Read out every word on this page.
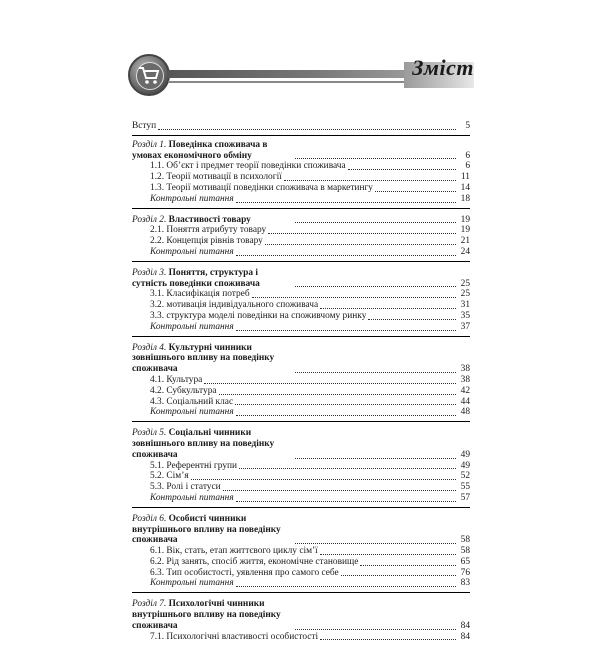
Зміст
Вступ	5
Розділ 1. Поведінка споживача в умовах економічного обміну	6
1.1. Об’єкт і предмет теорії поведінки споживача	6
1.2. Теорії мотивації в психології	11
1.3. Теорії мотивації поведінки споживача в маркетингу	14
Контрольні питання	18
Розділ 2. Властивості товару	19
2.1. Поняття атрибуту товару	19
2.2. Концепція рівнів товару	21
Контрольні питання	24
Розділ 3. Поняття, структура і сутність поведінки споживача	25
3.1. Класифікація потреб	25
3.2. мотивація індивідуального споживача	31
3.3. структура моделі поведінки на споживчому ринку	35
Контрольні питання	37
Розділ 4. Культурні чинники зовнішнього впливу на поведінку споживача	38
4.1. Культура	38
4.2. Субкультура	42
4.3. Соціальний клас	44
Контрольні питання	48
Розділ 5. Соціальні чинники зовнішнього впливу на поведінку споживача	49
5.1. Референтні групи	49
5.2. Сім’я	52
5.3. Ролі і статуси	55
Контрольні питання	57
Розділ 6. Особисті чинники внутрішнього впливу на поведінку споживача	58
6.1. Вік, стать, етап життєвого циклу сім’ї	58
6.2. Рід занять, спосіб життя, економічне становище	65
6.3. Тип особистості, уявлення про самого себе	76
Контрольні питання	83
Розділ 7. Психологічні чинники внутрішнього впливу на поведінку споживача	84
7.1. Психологічні властивості особистості	84
